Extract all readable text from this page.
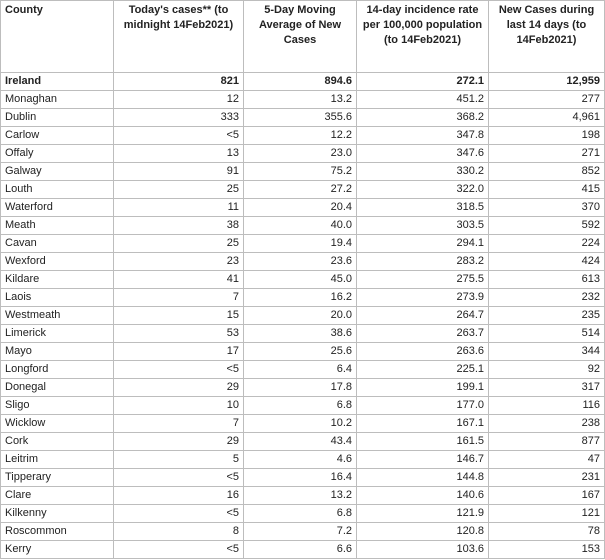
County	Today's cases** (to midnight 14Feb2021)	5-Day Moving Average of New Cases	14-day incidence rate per 100,000 population (to 14Feb2021)	New Cases during last 14 days (to 14Feb2021)
Ireland	821	894.6	272.1	12,959
Monaghan	12	13.2	451.2	277
Dublin	333	355.6	368.2	4,961
Carlow	<5	12.2	347.8	198
Offaly	13	23.0	347.6	271
Galway	91	75.2	330.2	852
Louth	25	27.2	322.0	415
Waterford	11	20.4	318.5	370
Meath	38	40.0	303.5	592
Cavan	25	19.4	294.1	224
Wexford	23	23.6	283.2	424
Kildare	41	45.0	275.5	613
Laois	7	16.2	273.9	232
Westmeath	15	20.0	264.7	235
Limerick	53	38.6	263.7	514
Mayo	17	25.6	263.6	344
Longford	<5	6.4	225.1	92
Donegal	29	17.8	199.1	317
Sligo	10	6.8	177.0	116
Wicklow	7	10.2	167.1	238
Cork	29	43.4	161.5	877
Leitrim	5	4.6	146.7	47
Tipperary	<5	16.4	144.8	231
Clare	16	13.2	140.6	167
Kilkenny	<5	6.8	121.9	121
Roscommon	8	7.2	120.8	78
Kerry	<5	6.6	103.6	153
